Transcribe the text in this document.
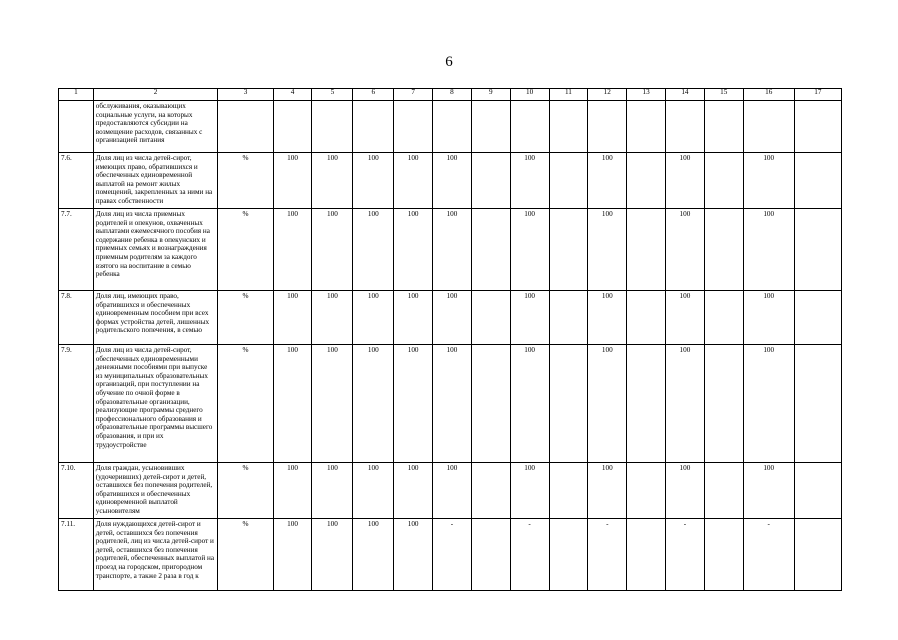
6
1	2	3	4	5	6	7	8	9	10	11	12	13	14	15	16	17
	обслуживания, оказывающих социальные услуги, на которых предоставляются субсидии на возмещение расходов, связанных с организацией питания															
7.6.	Доля лиц из числа детей-сирот, имеющих право, обратившихся и обеспеченных единовременной выплатой на ремонт жилых помещений, закрепленных за ними на правах собственности	%	100	100	100	100	100		100		100		100		100	
7.7.	Доля лиц из числа приемных родителей и опекунов, охваченных выплатами ежемесячного пособия на содержание ребенка в опекунских и приемных семьях и вознаграждения приемным родителям за каждого взятого на воспитание в семью ребенка	%	100	100	100	100	100		100		100		100		100	
7.8.	Доля лиц, имеющих право, обратившихся и обеспеченных единовременным пособием при всех формах устройства детей, лишенных родительского попечения, в семью	%	100	100	100	100	100		100		100		100		100	
7.9.	Доля лиц из числа детей-сирот, обеспеченных единовременными денежными пособиями при выпуске из муниципальных образовательных организаций, при поступлении на обучение по очной форме в образовательные организации, реализующие программы среднего профессионального образования и образовательные программы высшего образования, и при их трудоустройстве	%	100	100	100	100	100		100		100		100		100	
7.10.	Доля граждан, усыновивших (удочеривших) детей-сирот и детей, оставшихся без попечения родителей, обратившихся и обеспеченных единовременной выплатой усыновителям	%	100	100	100	100	100		100		100		100		100	
7.11.	Доля нуждающихся детей-сирот и детей, оставшихся без попечения родителей, лиц из числа детей-сирот и детей, оставшихся без попечения родителей, обеспеченных выплатой на проезд на городском, пригородном транспорте, а также 2 раза в год к	%	100	100	100	100	-		-		-		-		-	
